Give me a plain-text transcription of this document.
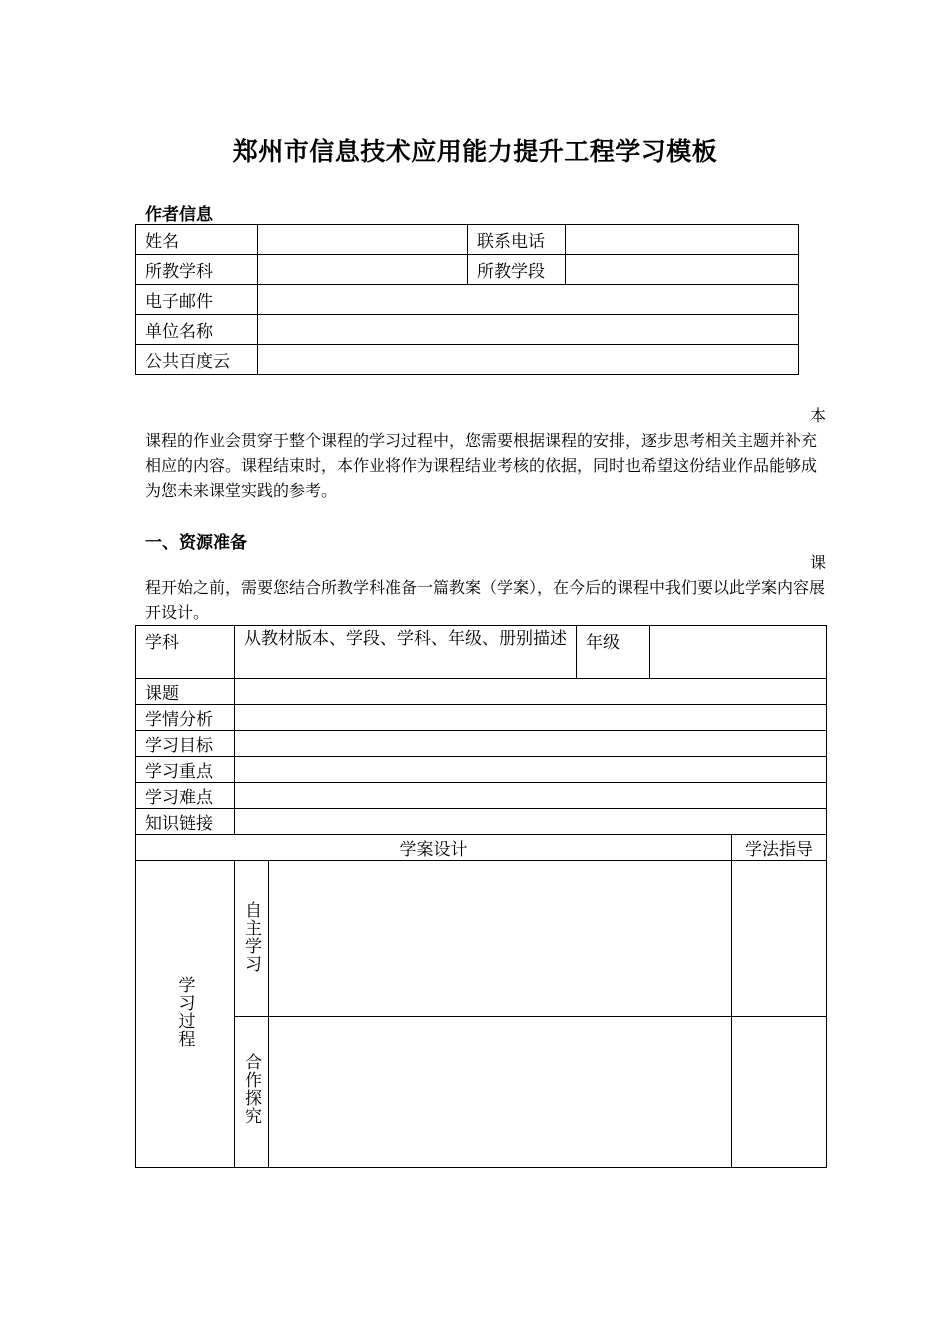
郑州市信息技术应用能力提升工程学习模板
作者信息
姓名		联系电话	
所教学科		所教学段	
电子邮件			
单位名称			
公共百度云			
本
课程的作业会贯穿于整个课程的学习过程中，您需要根据课程的安排，逐步思考相关主题并补充相应的内容。课程结束时，本作业将作为课程结业考核的依据，同时也希望这份结业作品能够成为您未来课堂实践的参考。
一、资源准备
课
程开始之前，需要您结合所教学科准备一篇教案（学案），在今后的课程中我们要以此学案内容展开设计。
学科	从教材版本、学段、学科、年级、册别描述		年级		
课题					
学情分析					
学习目标					
学习重点					
学习难点					
知识链接					
学案设计					学法指导
学习过程	自主学习				
	合作探究				
